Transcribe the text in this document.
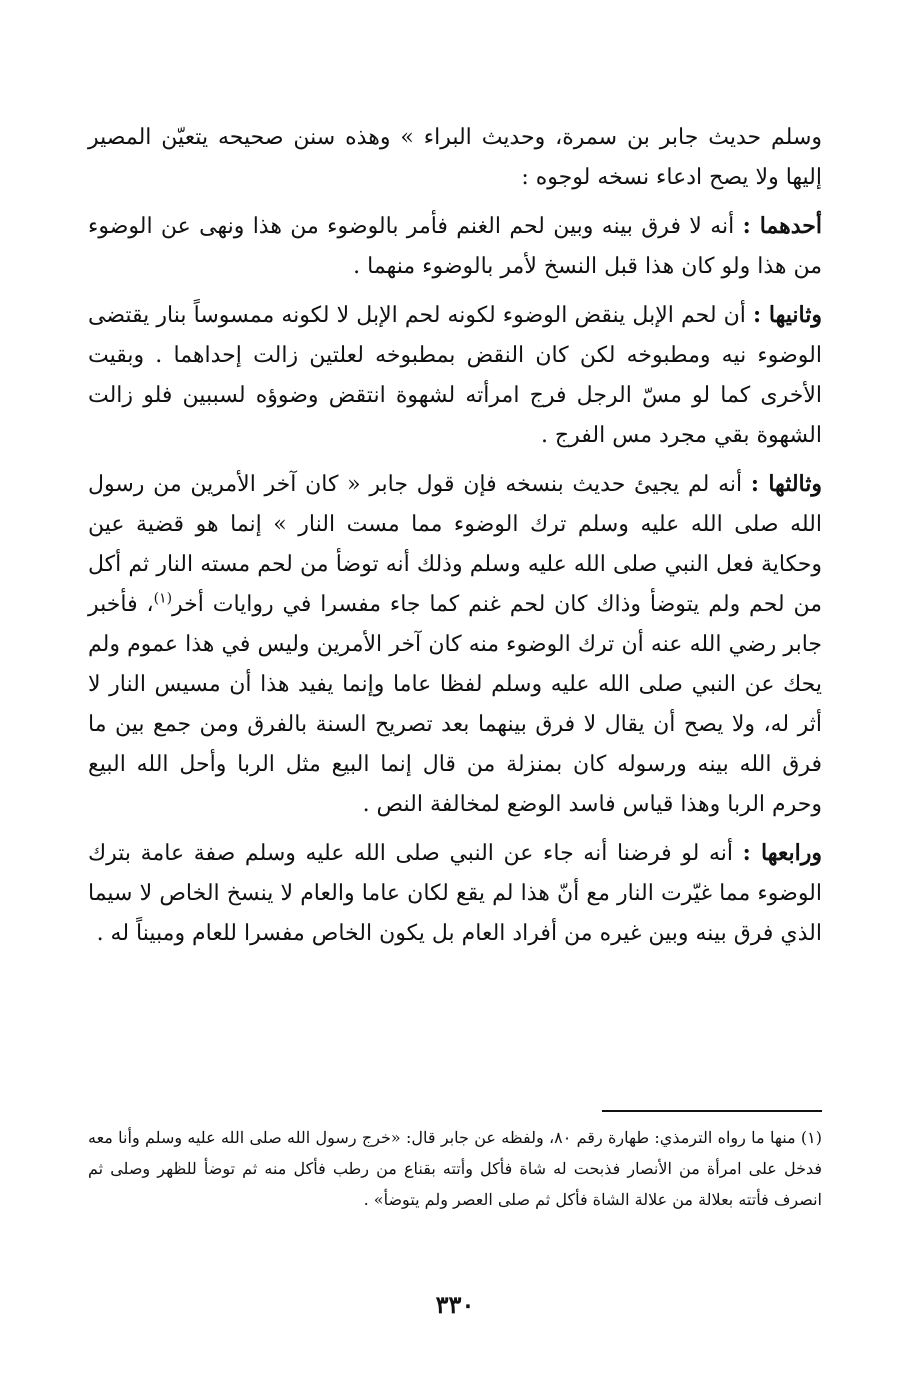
وسلم حديث جابر بن سمرة، وحديث البراء » وهذه سنن صحيحه يتعيّن المصير إليها ولا يصح ادعاء نسخه لوجوه :

أحدهما : أنه لا فرق بينه وبين لحم الغنم فأمر بالوضوء من هذا ونهى عن الوضوء من هذا ولو كان هذا قبل النسخ لأمر بالوضوء منهما .

وثانيها : أن لحم الإبل ينقض الوضوء لكونه لحم الإبل لا لكونه ممسوساً بنار يقتضى الوضوء نيه ومطبوخه لكن كان النقض بمطبوخه لعلتين زالت إحداهما . وبقيت الأخرى كما لو مسّ الرجل فرج امرأته لشهوة انتقض وضوؤه لسببين فلو زالت الشهوة بقي مجرد مس الفرج .

وثالثها : أنه لم يجيئ حديث بنسخه فإن قول جابر « كان آخر الأمرين من رسول الله صلى الله عليه وسلم ترك الوضوء مما مست النار » إنما هو قضية عين وحكاية فعل النبي صلى الله عليه وسلم وذلك أنه توضأ من لحم مسته النار ثم أكل من لحم ولم يتوضأ وذاك كان لحم غنم كما جاء مفسرا في روايات أخر$^{(١)}$، فأخبر جابر رضي الله عنه أن ترك الوضوء منه كان آخر الأمرين وليس في هذا عموم ولم يحك عن النبي صلى الله عليه وسلم لفظا عاما وإنما يفيد هذا أن مسيس النار لا أثر له، ولا يصح أن يقال لا فرق بينهما بعد تصريح السنة بالفرق ومن جمع بين ما فرق الله بينه ورسوله كان بمنزلة من قال إنما البيع مثل الربا وأحل الله البيع وحرم الربا وهذا قياس فاسد الوضع لمخالفة النص .

ورابعها : أنه لو فرضنا أنه جاء عن النبي صلى الله عليه وسلم صفة عامة بترك الوضوء مما غيّرت النار مع أنّ هذا لم يقع لكان عاما والعام لا ينسخ الخاص لا سيما الذي فرق بينه وبين غيره من أفراد العام بل يكون الخاص مفسرا للعام ومبيناً له .

(١) منها ما رواه الترمذي: طهارة رقم ٨٠، ولفظه عن جابر قال: «خرج رسول الله صلى الله عليه وسلم وأنا معه فدخل على امرأة من الأنصار فذبحت له شاة فأكل وأتته بقناع من رطب فأكل منه ثم توضأ للظهر وصلى ثم انصرف فأتته بعلالة من علالة الشاة فأكل ثم صلى العصر ولم يتوضأ» .
٣٣٠
